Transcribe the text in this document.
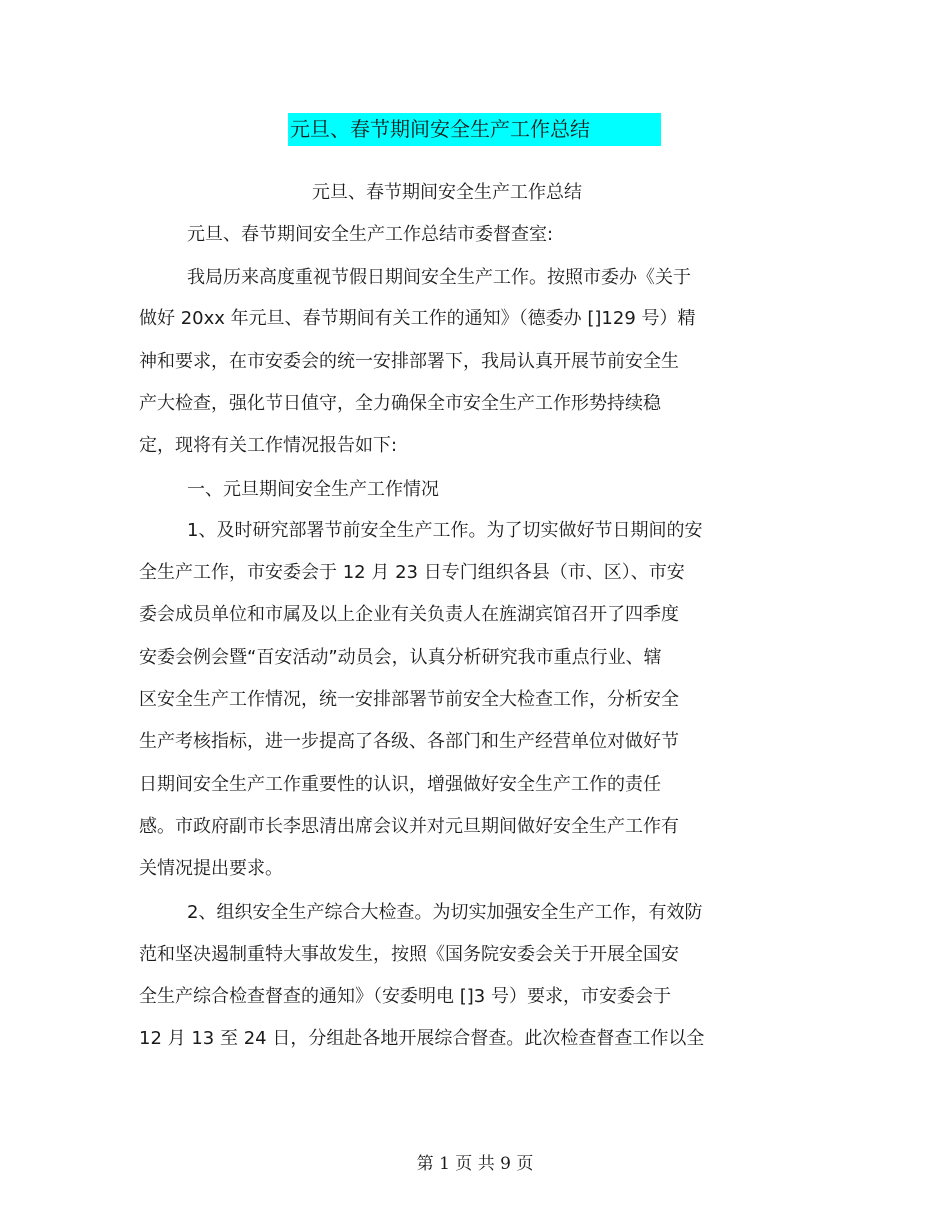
元旦、春节期间安全生产工作总结
元旦、春节期间安全生产工作总结
元旦、春节期间安全生产工作总结市委督查室:
我局历来高度重视节假日期间安全生产工作。按照市委办《关于
做好 20xx 年元旦、春节期间有关工作的通知》（德委办 []129 号）精
神和要求，在市安委会的统一安排部署下，我局认真开展节前安全生
产大检查，强化节日值守，全力确保全市安全生产工作形势持续稳
定，现将有关工作情况报告如下:
一、元旦期间安全生产工作情况
1、及时研究部署节前安全生产工作。为了切实做好节日期间的安
全生产工作，市安委会于 12 月 23 日专门组织各县（市、区）、市安
委会成员单位和市属及以上企业有关负责人在旌湖宾馆召开了四季度
安委会例会暨“百安活动”动员会，认真分析研究我市重点行业、辖
区安全生产工作情况，统一安排部署节前安全大检查工作，分析安全
生产考核指标，进一步提高了各级、各部门和生产经营单位对做好节
日期间安全生产工作重要性的认识，增强做好安全生产工作的责任
感。市政府副市长李思清出席会议并对元旦期间做好安全生产工作有
关情况提出要求。
2、组织安全生产综合大检查。为切实加强安全生产工作，有效防
范和坚决遏制重特大事故发生，按照《国务院安委会关于开展全国安
全生产综合检查督查的通知》（安委明电 []3 号）要求，市安委会于
12 月 13 至 24 日，分组赴各地开展综合督查。此次检查督查工作以全
第 1 页 共 9 页
